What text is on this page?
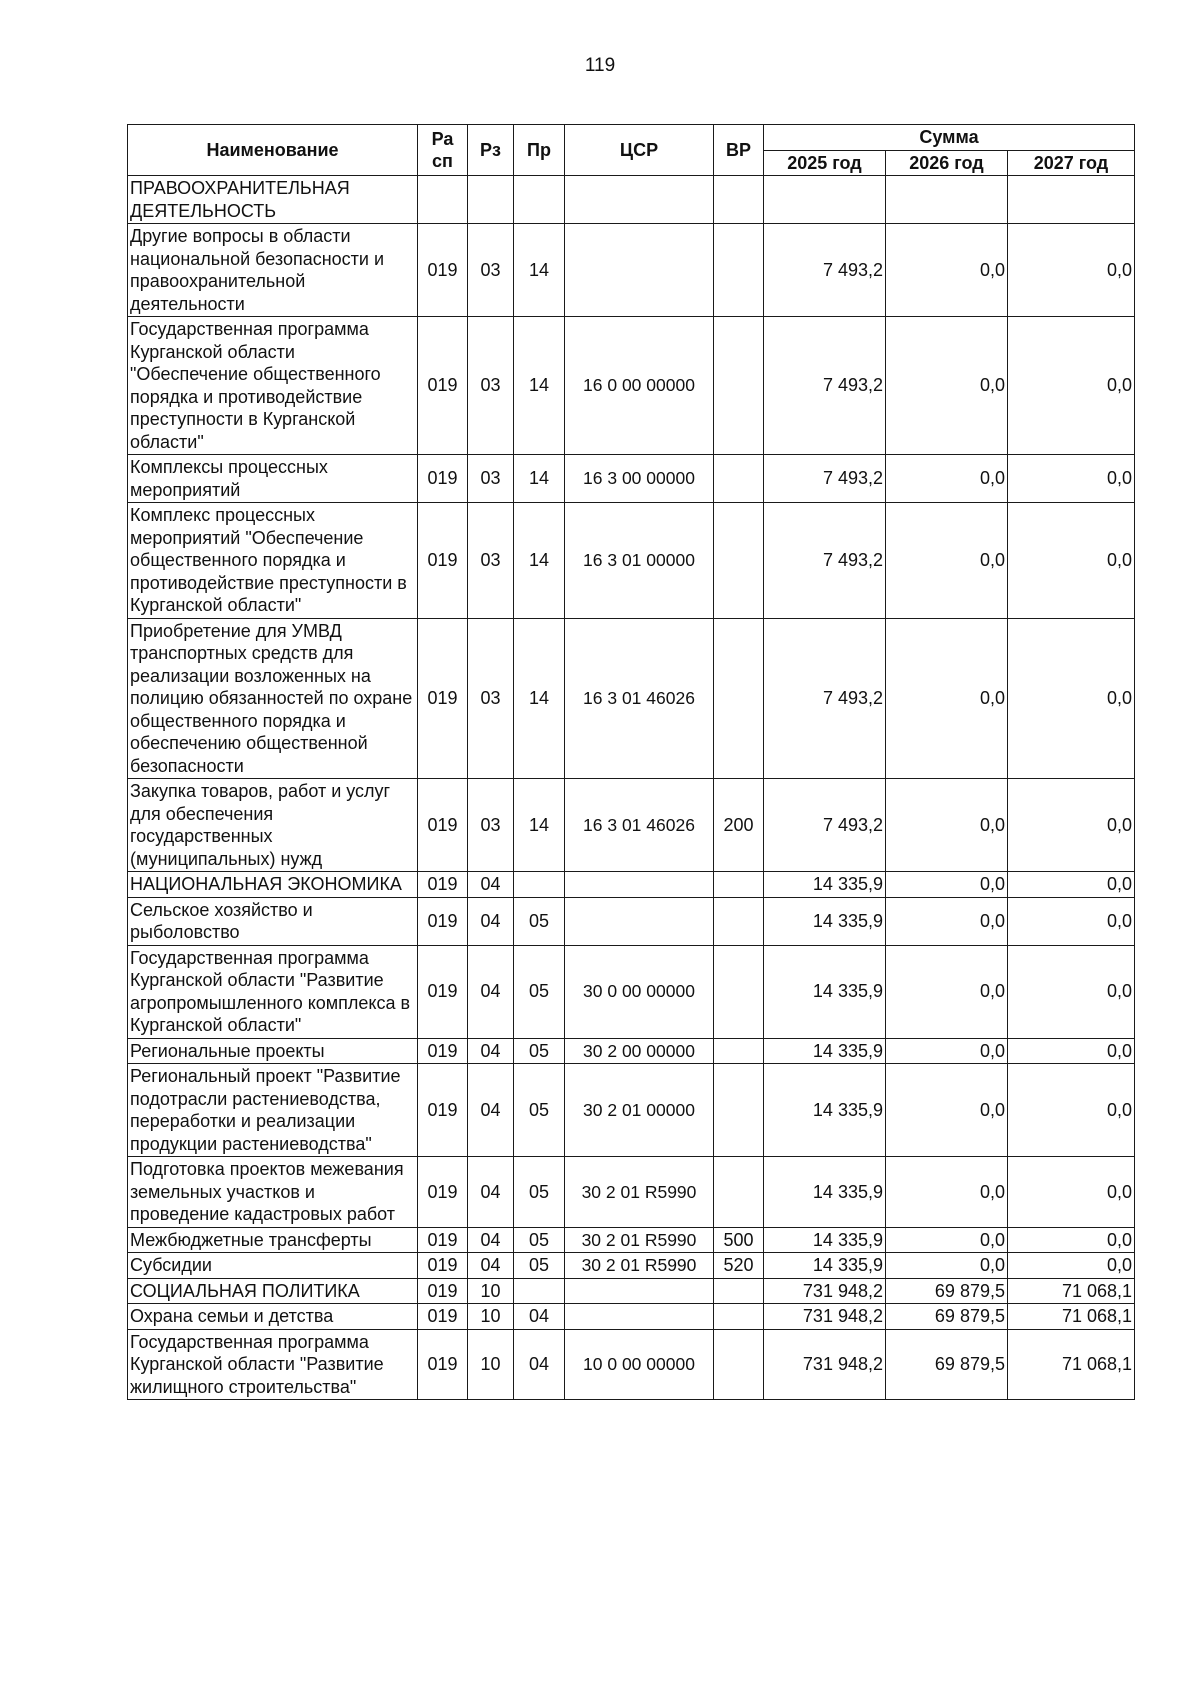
119
Наименование	Ра
сп	Рз	Пр	ЦСР	ВР	Сумма		
						2025 год	2026 год	2027 год
ПРАВООХРАНИТЕЛЬНАЯ ДЕЯТЕЛЬНОСТЬ								
Другие вопросы в области национальной безопасности и правоохранительной деятельности	019	03	14			7 493,2	0,0	0,0
Государственная программа Курганской области "Обеспечение общественного порядка и противодействие преступности в Курганской области"	019	03	14	16 0 00 00000		7 493,2	0,0	0,0
Комплексы процессных мероприятий	019	03	14	16 3 00 00000		7 493,2	0,0	0,0
Комплекс процессных мероприятий "Обеспечение общественного порядка и противодействие преступности в Курганской области"	019	03	14	16 3 01 00000		7 493,2	0,0	0,0
Приобретение для УМВД транспортных средств для реализации возложенных на полицию обязанностей по охране общественного порядка и обеспечению общественной безопасности	019	03	14	16 3 01 46026		7 493,2	0,0	0,0
Закупка товаров, работ и услуг для обеспечения государственных (муниципальных) нужд	019	03	14	16 3 01 46026	200	7 493,2	0,0	0,0
НАЦИОНАЛЬНАЯ ЭКОНОМИКА	019	04				14 335,9	0,0	0,0
Сельское хозяйство и рыболовство	019	04	05			14 335,9	0,0	0,0
Государственная программа Курганской области "Развитие агропромышленного комплекса в Курганской области"	019	04	05	30 0 00 00000		14 335,9	0,0	0,0
Региональные проекты	019	04	05	30 2 00 00000		14 335,9	0,0	0,0
Региональный проект "Развитие подотрасли растениеводства, переработки и реализации продукции растениеводства"	019	04	05	30 2 01 00000		14 335,9	0,0	0,0
Подготовка проектов межевания земельных участков и проведение кадастровых работ	019	04	05	30 2 01 R5990		14 335,9	0,0	0,0
Межбюджетные трансферты	019	04	05	30 2 01 R5990	500	14 335,9	0,0	0,0
Субсидии	019	04	05	30 2 01 R5990	520	14 335,9	0,0	0,0
СОЦИАЛЬНАЯ ПОЛИТИКА	019	10				731 948,2	69 879,5	71 068,1
Охрана семьи и детства	019	10	04			731 948,2	69 879,5	71 068,1
Государственная программа Курганской области "Развитие жилищного строительства"	019	10	04	10 0 00 00000		731 948,2	69 879,5	71 068,1
